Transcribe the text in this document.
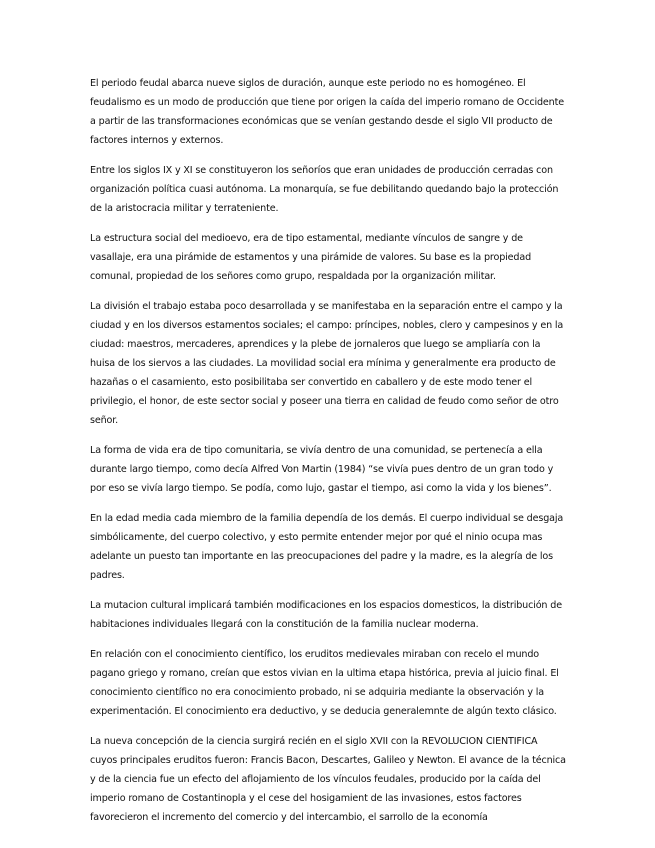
El periodo feudal abarca nueve siglos de duración, aunque este periodo no es homogéneo. El feudalismo es un modo de producción que tiene por origen la caída del imperio romano de Occidente a partir de las transformaciones económicas que se venían gestando desde el siglo VII producto de factores internos y externos.

Entre los siglos IX y XI se constituyeron los señoríos que eran unidades de producción cerradas con organización política cuasi autónoma. La monarquía, se fue debilitando quedando bajo la protección de la aristocracia militar y terrateniente.

La estructura social del medioevo, era de tipo estamental, mediante vínculos de sangre y de vasallaje, era una pirámide de estamentos y una pirámide de valores. Su base es la propiedad comunal, propiedad de los señores como grupo, respaldada por la organización militar.

La división el trabajo estaba poco desarrollada y se manifestaba en la separación entre el campo y la ciudad y en los diversos estamentos sociales; el campo: príncipes, nobles, clero y campesinos y en la ciudad: maestros, mercaderes, aprendices y la plebe de jornaleros que luego se ampliaría con la huisa de los siervos a las ciudades. La movilidad social era mínima y generalmente era producto de hazañas o el casamiento, esto posibilitaba ser convertido en caballero y de este modo tener el privilegio, el honor, de este sector social y poseer una tierra en calidad de feudo como señor de otro señor.

La forma de vida era de tipo comunitaria, se vivía dentro de una comunidad, se pertenecía a ella durante largo tiempo, como decía Alfred Von Martin (1984) “se vivía pues dentro de un gran todo y por eso se vivía largo tiempo. Se podía, como lujo, gastar el tiempo, asi como la vida y los bienes”.

En la edad media cada miembro de la familia dependía de los demás. El cuerpo individual se desgaja simbólicamente, del cuerpo colectivo, y esto permite entender mejor por qué el ninio ocupa mas adelante un puesto tan importante en las preocupaciones del padre y la madre, es la alegría de los padres.

La mutacion cultural implicará también modificaciones en los espacios domesticos, la distribución de habitaciones individuales llegará con la constitución de la familia nuclear moderna.

En relación con el conocimiento científico, los eruditos medievales miraban con recelo el mundo pagano griego y romano, creían que estos vivian en la ultima etapa histórica, previa al juicio final. El conocimiento científico no era conocimiento probado, ni se adquiria mediante la observación y la experimentación. El conocimiento era deductivo, y se deducia generalemnte de algún texto clásico.

La nueva concepción de la ciencia surgirá recién en el siglo XVII con la REVOLUCION CIENTIFICA cuyos principales eruditos fueron: Francis Bacon, Descartes, Galileo y Newton. El avance de la técnica y de la ciencia fue un efecto del aflojamiento de los vínculos feudales, producido por la caída del imperio romano de Costantinopla y el cese del hosigamient de las invasiones, estos factores favorecieron el incremento del comercio y del intercambio, el sarrollo de la economía
